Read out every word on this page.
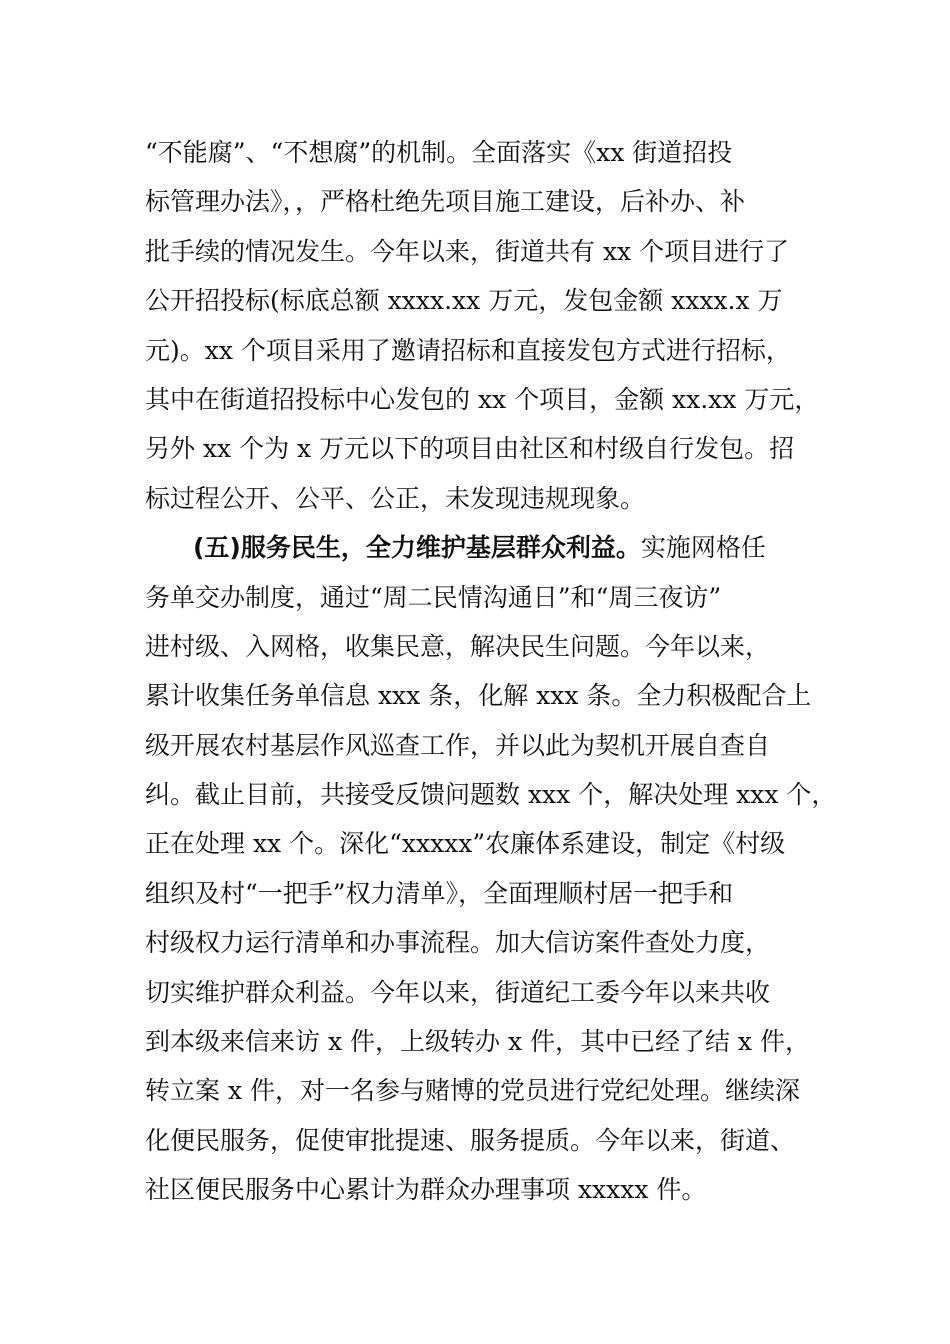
“不能腐”、“不想腐”的机制。全面落实《xx 街道招投
标管理办法》，，严格杜绝先项目施工建设，后补办、补
批手续的情况发生。今年以来，街道共有 xx 个项目进行了
公开招投标(标底总额 xxxx.xx 万元，发包金额 xxxx.x 万
元)。xx 个项目采用了邀请招标和直接发包方式进行招标，
其中在街道招投标中心发包的 xx 个项目，金额 xx.xx 万元，
另外 xx 个为 x 万元以下的项目由社区和村级自行发包。招
标过程公开、公平、公正，未发现违规现象。
(五)服务民生，全力维护基层群众利益。实施网格任
务单交办制度，通过“周二民情沟通日”和“周三夜访”
进村级、入网格，收集民意，解决民生问题。今年以来，
累计收集任务单信息 xxx 条，化解 xxx 条。全力积极配合上
级开展农村基层作风巡查工作，并以此为契机开展自查自
纠。截止目前，共接受反馈问题数 xxx 个，解决处理 xxx 个，
正在处理 xx 个。深化“xxxxx”农廉体系建设，制定《村级
组织及村“一把手”权力清单》，全面理顺村居一把手和
村级权力运行清单和办事流程。加大信访案件查处力度，
切实维护群众利益。今年以来，街道纪工委今年以来共收
到本级来信来访 x 件，上级转办 x 件，其中已经了结 x 件，
转立案 x 件，对一名参与赌博的党员进行党纪处理。继续深
化便民服务，促使审批提速、服务提质。今年以来，街道、
社区便民服务中心累计为群众办理事项 xxxxx 件。
